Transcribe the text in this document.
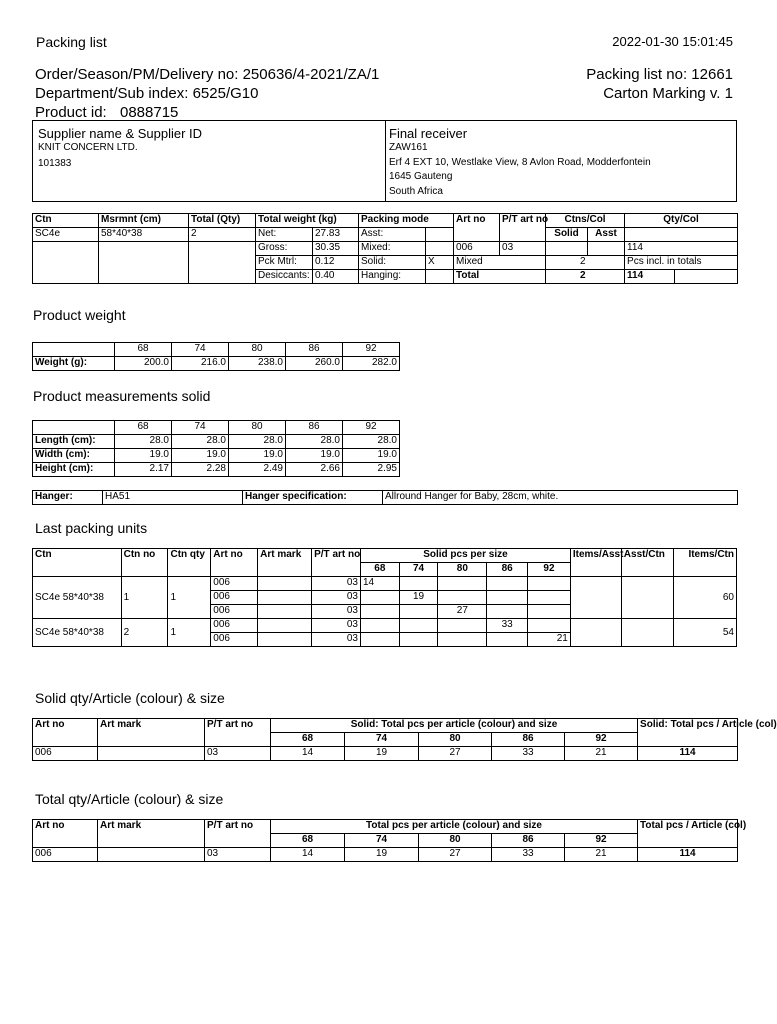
Packing list	2022-01-30 15:01:45
Order/Season/PM/Delivery no: 250636/4-2021/ZA/1	Packing list no: 12661
Department/Sub index: 6525/G10	Carton Marking v. 1
Product id: 0888715
Supplier name & Supplier ID
KNIT CONCERN LTD.
101383
Final receiver
ZAW161
Erf 4 EXT 10, Westlake View, 8 Avlon Road, Modderfontein
1645 Gauteng
South Africa
Ctn	Msrmnt (cm)	Total (Qty)	Total weight (kg)		Packing mode		Art no	P/T art no	Ctns/Col		Qty/Col	
SC4e	58*40*38	2	Net:	27.83	Asst:				Solid	Asst		
			Gross:	30.35	Mixed:		006	03			114	
			Pck Mtrl:	0.12	Solid:	X	Mixed		2		Pcs incl. in totals	
			Desiccants:	0.40	Hanging:		Total		2		114	
Product weight
	68	74	80	86	92
Weight (g):	200.0	216.0	238.0	260.0	282.0
Product measurements solid
	68	74	80	86	92
Length (cm):	28.0	28.0	28.0	28.0	28.0
Width (cm):	19.0	19.0	19.0	19.0	19.0
Height (cm):	2.17	2.28	2.49	2.66	2.95
Hanger:	HA51	Hanger specification:	Allround Hanger for Baby, 28cm, white.
Last packing units
Ctn	Ctn no	Ctn qty	Art no	Art mark	P/T art no	Solid pcs per size					Items/Asst	Asst/Ctn	Items/Ctn
						68	74	80	86	92			
SC4e 58*40*38	1	1	006		03	14							60
			006		03		19						
			006		03			27					
SC4e 58*40*38	2	1	006		03				33				54
			006		03					21			
Solid qty/Article (colour) & size
Art no	Art mark	P/T art no	Solid: Total pcs per article (colour) and size					Solid: Total pcs / Article (col)
			68	74	80	86	92	
006		03	14	19	27	33	21	114
Total qty/Article (colour) & size
Art no	Art mark	P/T art no	Total pcs per article (colour) and size					Total pcs / Article (col)
			68	74	80	86	92	
006		03	14	19	27	33	21	114
